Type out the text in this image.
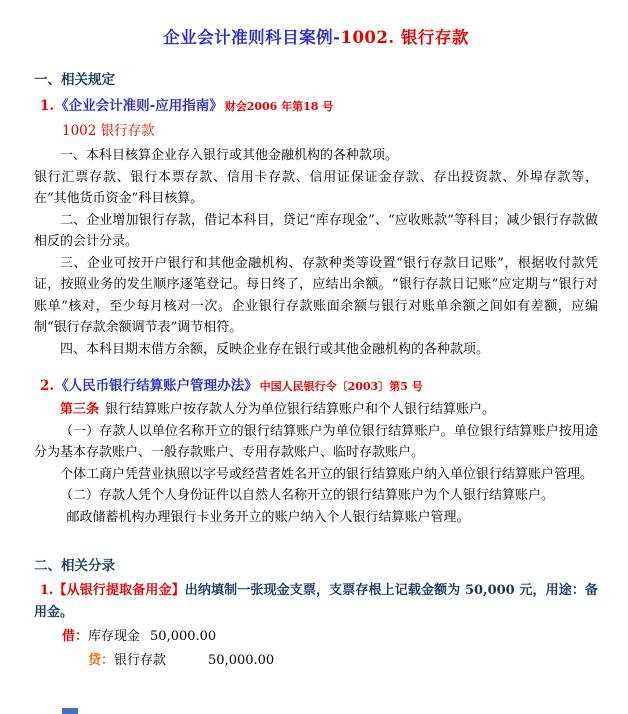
企业会计准则科目案例-1002. 银行存款
一、相关规定
1.《企业会计准则-应用指南》 财会2006 年第18 号
1002 银行存款

一、本科目核算企业存入银行或其他金融机构的各种款项。

银行汇票存款、银行本票存款、信用卡存款、信用证保证金存款、存出投资款、外埠存款等，在“其他货币资金”科目核算。

二、企业增加银行存款，借记本科目，贷记“库存现金”、“应收账款”等科目；减少银行存款做相反的会计分录。

三、企业可按开户银行和其他金融机构、存款种类等设置“银行存款日记账”，根据收付款凭证，按照业务的发生顺序逐笔登记。每日终了，应结出余额。“银行存款日记账”应定期与“银行对账单”核对，至少每月核对一次。企业银行存款账面余额与银行对账单余额之间如有差额，应编制“银行存款余额调节表”调节相符。

四、本科目期末借方余额，反映企业存在银行或其他金融机构的各种款项。

2.《人民币银行结算账户管理办法》 中国人民银行令〔2003〕第5 号

第三条 银行结算账户按存款人分为单位银行结算账户和个人银行结算账户。

（一）存款人以单位名称开立的银行结算账户为单位银行结算账户。单位银行结算账户按用途分为基本存款账户、一般存款账户、专用存款账户、临时存款账户。

个体工商户凭营业执照以字号或经营者姓名开立的银行结算账户纳入单位银行结算账户管理。

（二）存款人凭个人身份证件以自然人名称开立的银行结算账户为个人银行结算账户。

邮政储蓄机构办理银行卡业务开立的账户纳入个人银行结算账户管理。

二、相关分录

1.【从银行提取备用金】出纳填制一张现金支票，支票存根上记载金额为 50,000 元，用途：备用金。

借：库存现金 50,000.00

贷：银行存款	50,000.00
